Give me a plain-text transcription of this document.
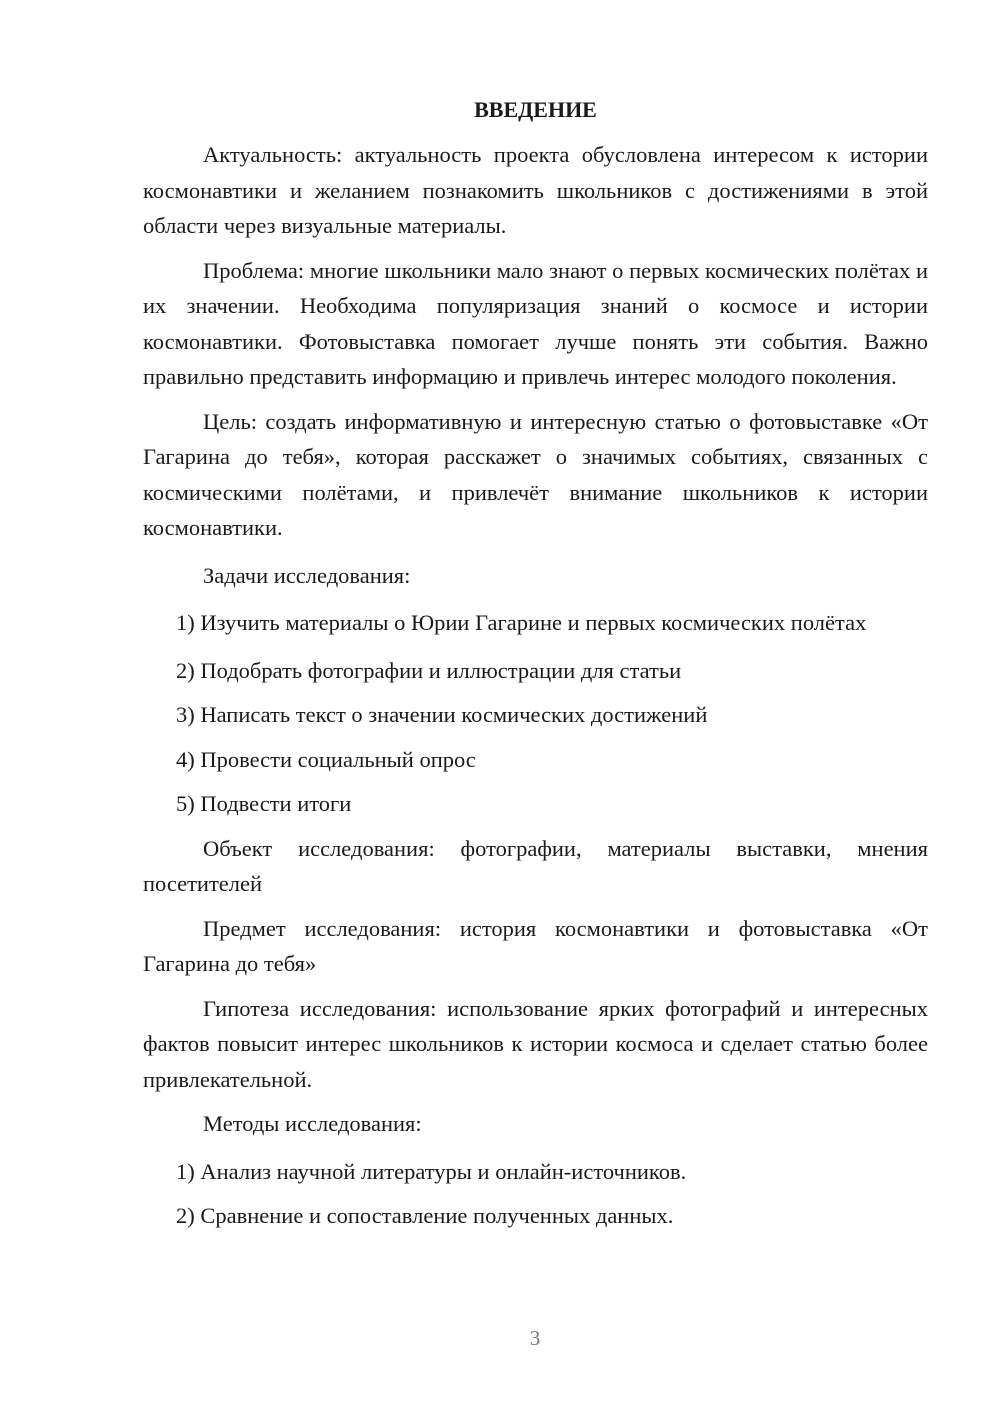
ВВЕДЕНИЕ

Актуальность: актуальность проекта обусловлена интересом к истории космонавтики и желанием познакомить школьников с достижениями в этой области через визуальные материалы.

Проблема: многие школьники мало знают о первых космических полётах и их значении. Необходима популяризация знаний о космосе и истории космонавтики. Фотовыставка помогает лучше понять эти события. Важно правильно представить информацию и привлечь интерес молодого поколения.

Цель: создать информативную и интересную статью о фотовыставке «От Гагарина до тебя», которая расскажет о значимых событиях, связанных с космическими полётами, и привлечёт внимание школьников к истории космонавтики.

Задачи исследования:

1) Изучить материалы о Юрии Гагарине и первых космических полётах

2) Подобрать фотографии и иллюстрации для статьи

3) Написать текст о значении космических достижений

4) Провести социальный опрос

5) Подвести итоги

Объект исследования: фотографии, материалы выставки, мнения посетителей

Предмет исследования: история космонавтики и фотовыставка «От Гагарина до тебя»

Гипотеза исследования: использование ярких фотографий и интересных фактов повысит интерес школьников к истории космоса и сделает статью более привлекательной.

Методы исследования:

1) Анализ научной литературы и онлайн-источников.

2) Сравнение и сопоставление полученных данных.

3
